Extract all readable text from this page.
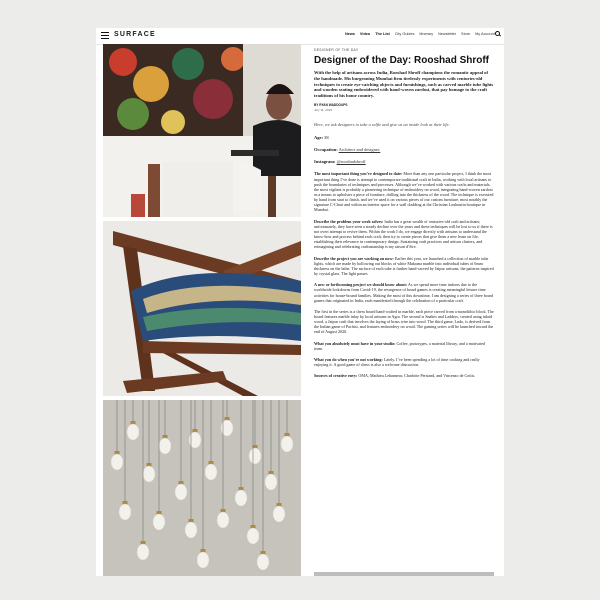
SURFACE	News Video The List City Guides Itinerary Newsletter Store My Account

DESIGNER OF THE DAY

Designer of the Day: Rooshad Shroff

With the help of artisans across India, Rooshad Shroff champions the romantic appeal of the handmade. His burgeoning Mumbai firm tirelessly experiments with centuries-old techniques to create eye-catching objects and furnishings, such as carved marble tube lights and wooden seating embroidered with hand-woven zardosi, that pay homage to the craft traditions of his home country.

BY RYAN WADDOUPS

July 11, 2022

Here, we ask designers to take a selfie and give us an inside look at their life.

Age: 38

Occupation: Architect and designer.

Instagram: @rooshadshroff

The most important thing you’ve designed to date: More than any one particular project, I think the most important thing I’ve done is attempt to contemporize traditional craft in India, working with local artisans to push the boundaries of techniques and processes. Although we’ve worked with various crafts and materials, the most vigilant is probably a pioneering technique of embroidery on wood, integrating hand-woven zardosi as a means to upholster a piece of furniture, drilling into the thickness of the wood. The technique is executed by hand from start to finish, and we’ve used it on various pieces of our custom furniture, most notably the signature C-Chair and within an interior space for a wall cladding at the Christian Louboutin boutique in Mumbai.

Describe the problem your work solves: India has a great wealth of centuries-old craft and artisans; unfortunately, they have seen a steady decline over the years and these techniques will be lost to us if there is not overt attempt to revive them. Within the work I do, we engage directly with artisans to understand the know-how and process behind each craft, then try to create pieces that give them a new lease on life, establishing their relevance in contemporary design. Sustaining craft practices and artisan clusters, and reimagining and celebrating craftsmanship is my raison d’être.

Describe the project you are working on now: Earlier this year, we launched a collection of marble tube lights, which are made by hollowing out blocks of white Makrana marble into individual tubes of 6mm thickness on the lathe. The surface of each tube is further hand-carved by Jaipur artisans, the patterns inspired by crystal glass. The light passes

A new or forthcoming project we should know about: As we spend more time indoors due to the worldwide lockdowns from Covid-19, the resurgence of board games is creating meaningful leisure time activities for house-bound families. Making the most of this downtime, I am designing a series of three board games that originated in India, each manifested through the celebration of a particular craft.

The first in the series is a chess board hand-crafted in marble, each piece carved from a monolithic block. The board features marble inlay by local artisans in Agra. The second is Snakes and Ladders, created using inlaid wood, a Jaipur craft that involves the laying of brass wire into wood. The third game, Ludo, is derived from the Indian game of Pachisi, and features embroidery on wood. The gaming series will be launched toward the end of August 2020.

What you absolutely must have in your studio: Coffee, prototypes, a material library, and a motivated team.

What you do when you’re not working: Lately, I’ve been spending a lot of time cooking and really enjoying it. A good game of chess is also a welcome distraction.

Sources of creative envy: OMA, Mathieu Lehanneur, Charlotte Perriand, and Vincenzo de Cotiis.
